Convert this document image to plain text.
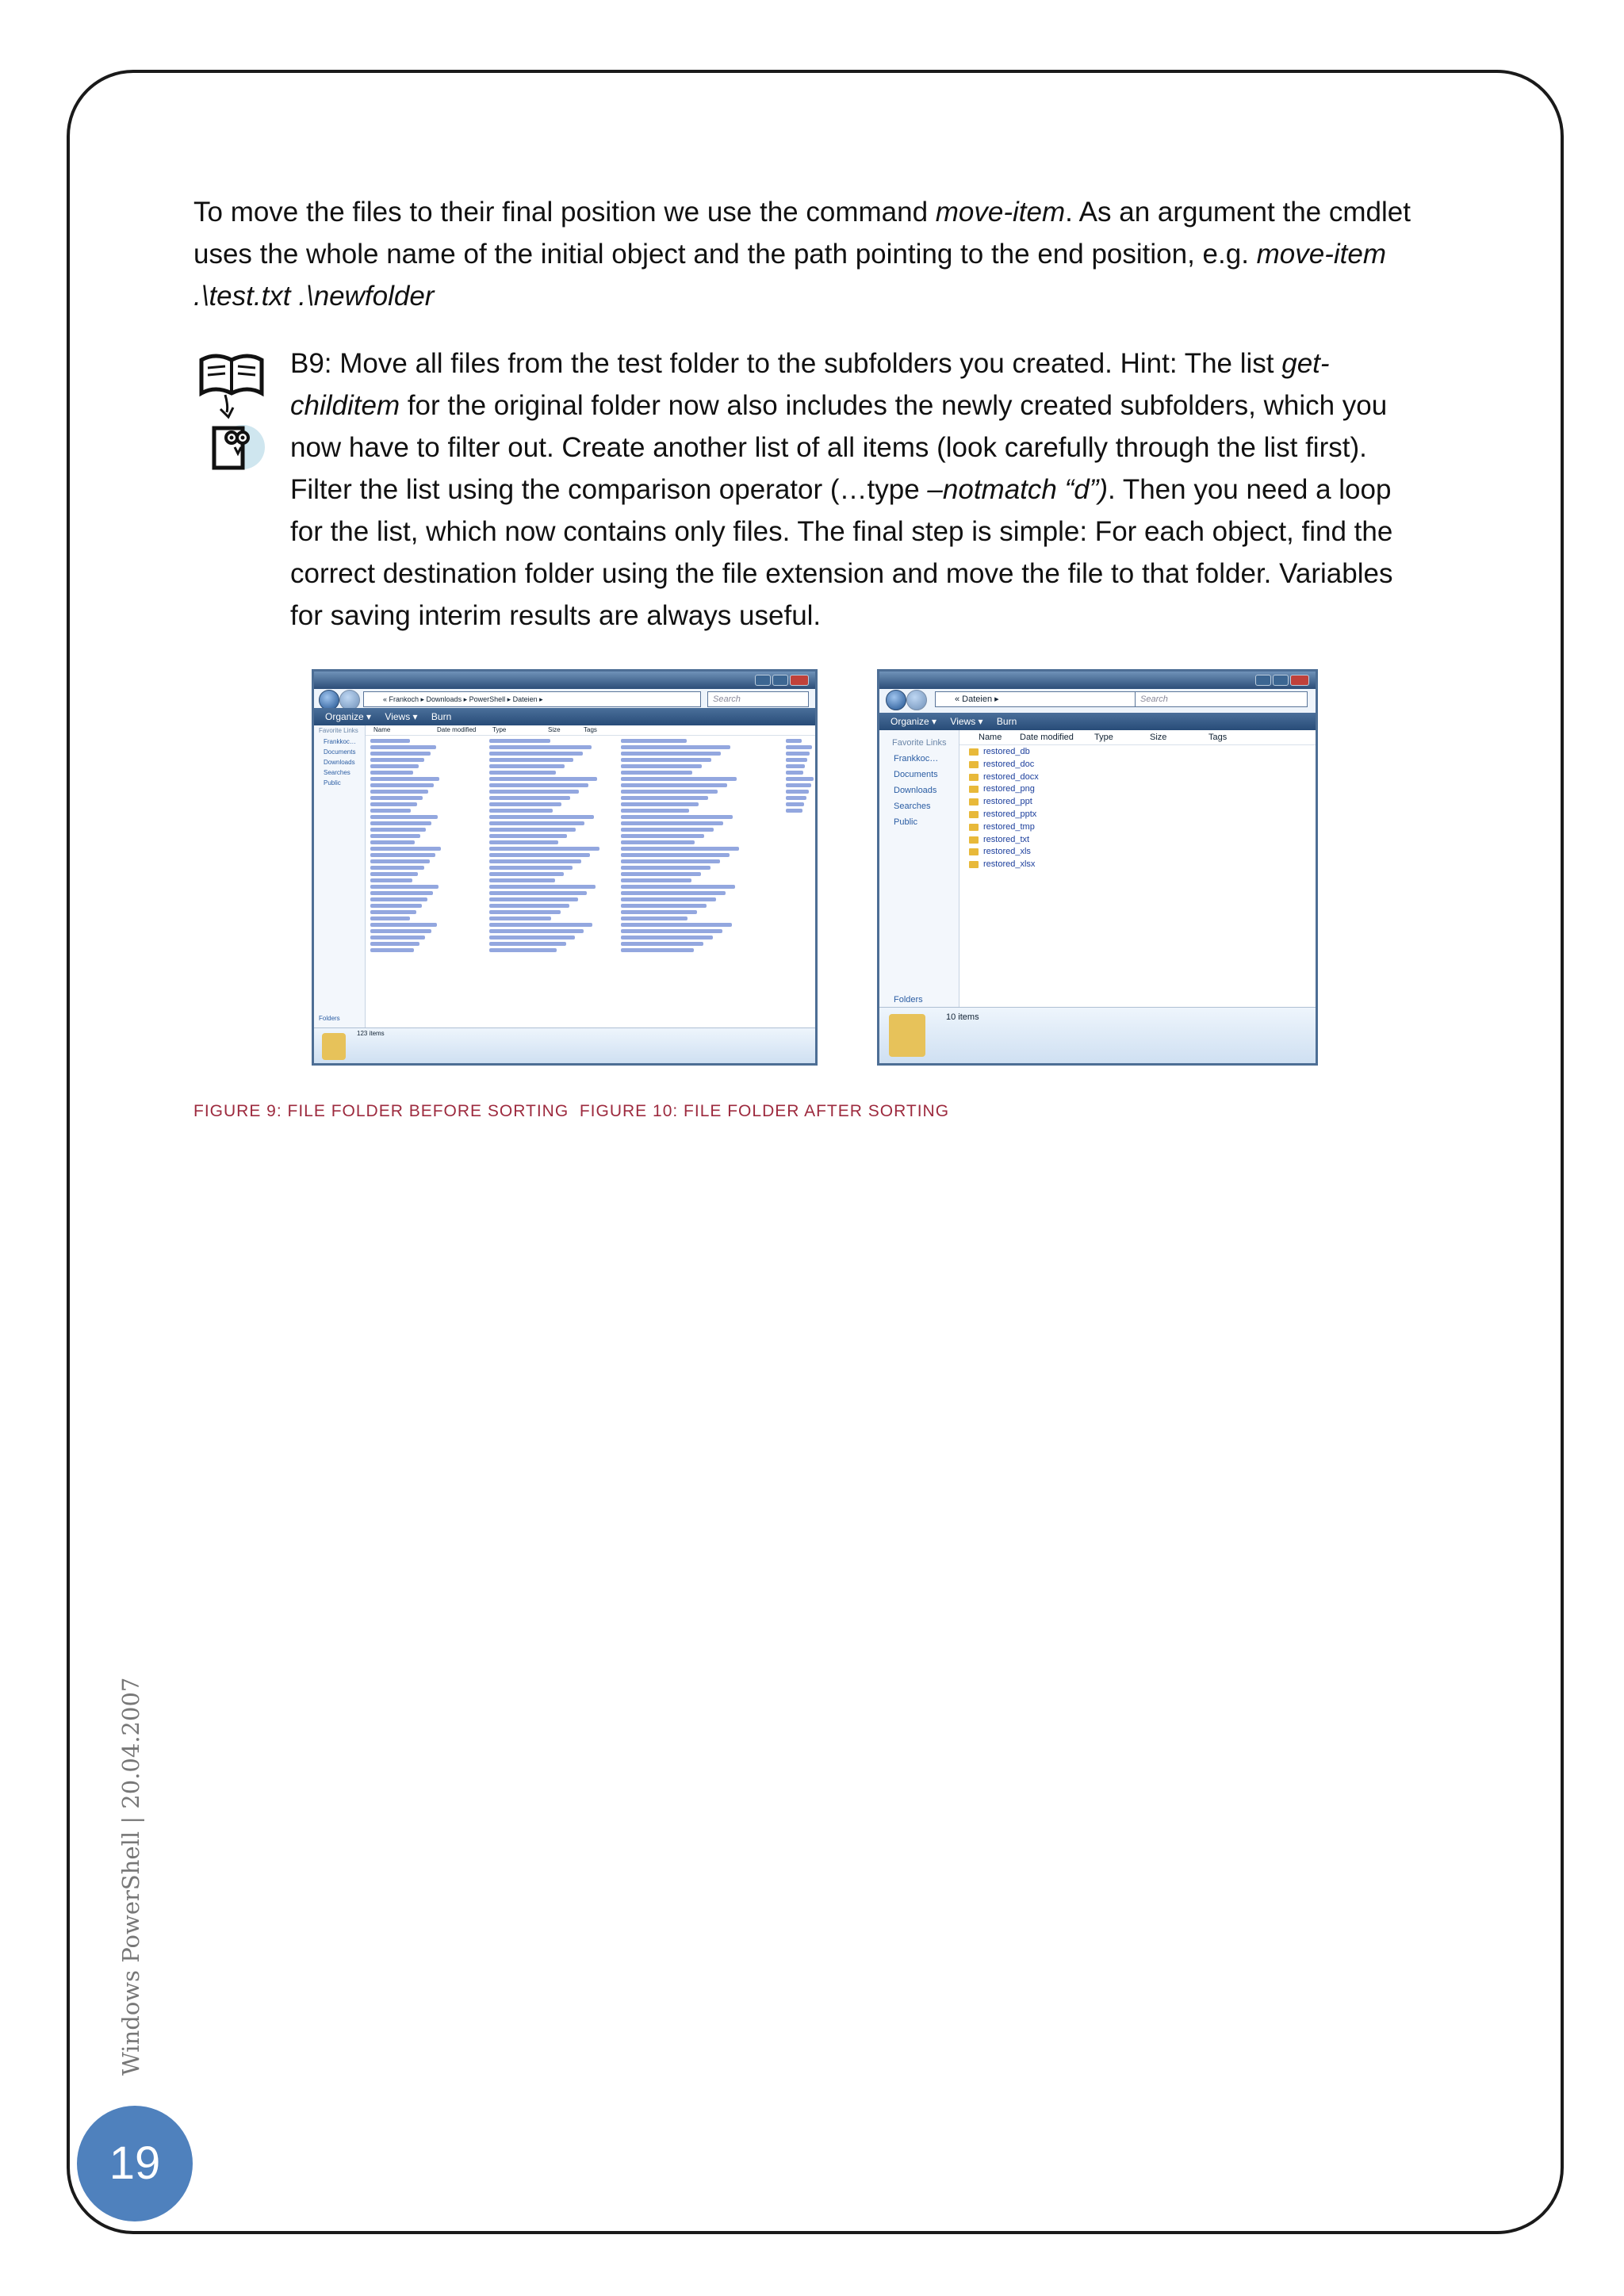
To move the files to their final position we use the command move-item. As an argument the cmdlet uses the whole name of the initial object and the path pointing to the end position, e.g. move-item .\test.txt .\newfolder

B9: Move all files from the test folder to the subfolders you created. Hint: The list get-childitem for the original folder now also includes the newly created subfolders, which you now have to filter out. Create another list of all items (look carefully through the list first). Filter the list using the comparison operator (…type –notmatch “d”). Then you need a loop for the list, which now contains only files. The final step is simple: For each object, find the correct destination folder using the file extension and move the file to that folder. Variables for saving interim results are always useful.

« Frankoch ▸ Downloads ▸ PowerShell ▸ Dateien ▸	Search
Organize ▾ Views ▾ Burn
Favorite Links
Frankkoc…
Documents
Downloads
Searches
Public
Folders
Name	Date modified	Type	Size	Tags
123 items
« Dateien ▸	Search
Organize ▾ Views ▾ Burn
Favorite Links
Frankkoc…
Documents
Downloads
Searches
Public
Folders
Name Date modified Type	Size	Tags
restored_db
restored_doc
restored_docx
restored_png
restored_ppt
restored_pptx
restored_tmp
restored_txt
restored_xls
restored_xlsx
10 items
FIGURE 9: FILE FOLDER BEFORE SORTING  FIGURE 10: FILE FOLDER AFTER SORTING
Windows PowerShell | 20.04.2007
19
